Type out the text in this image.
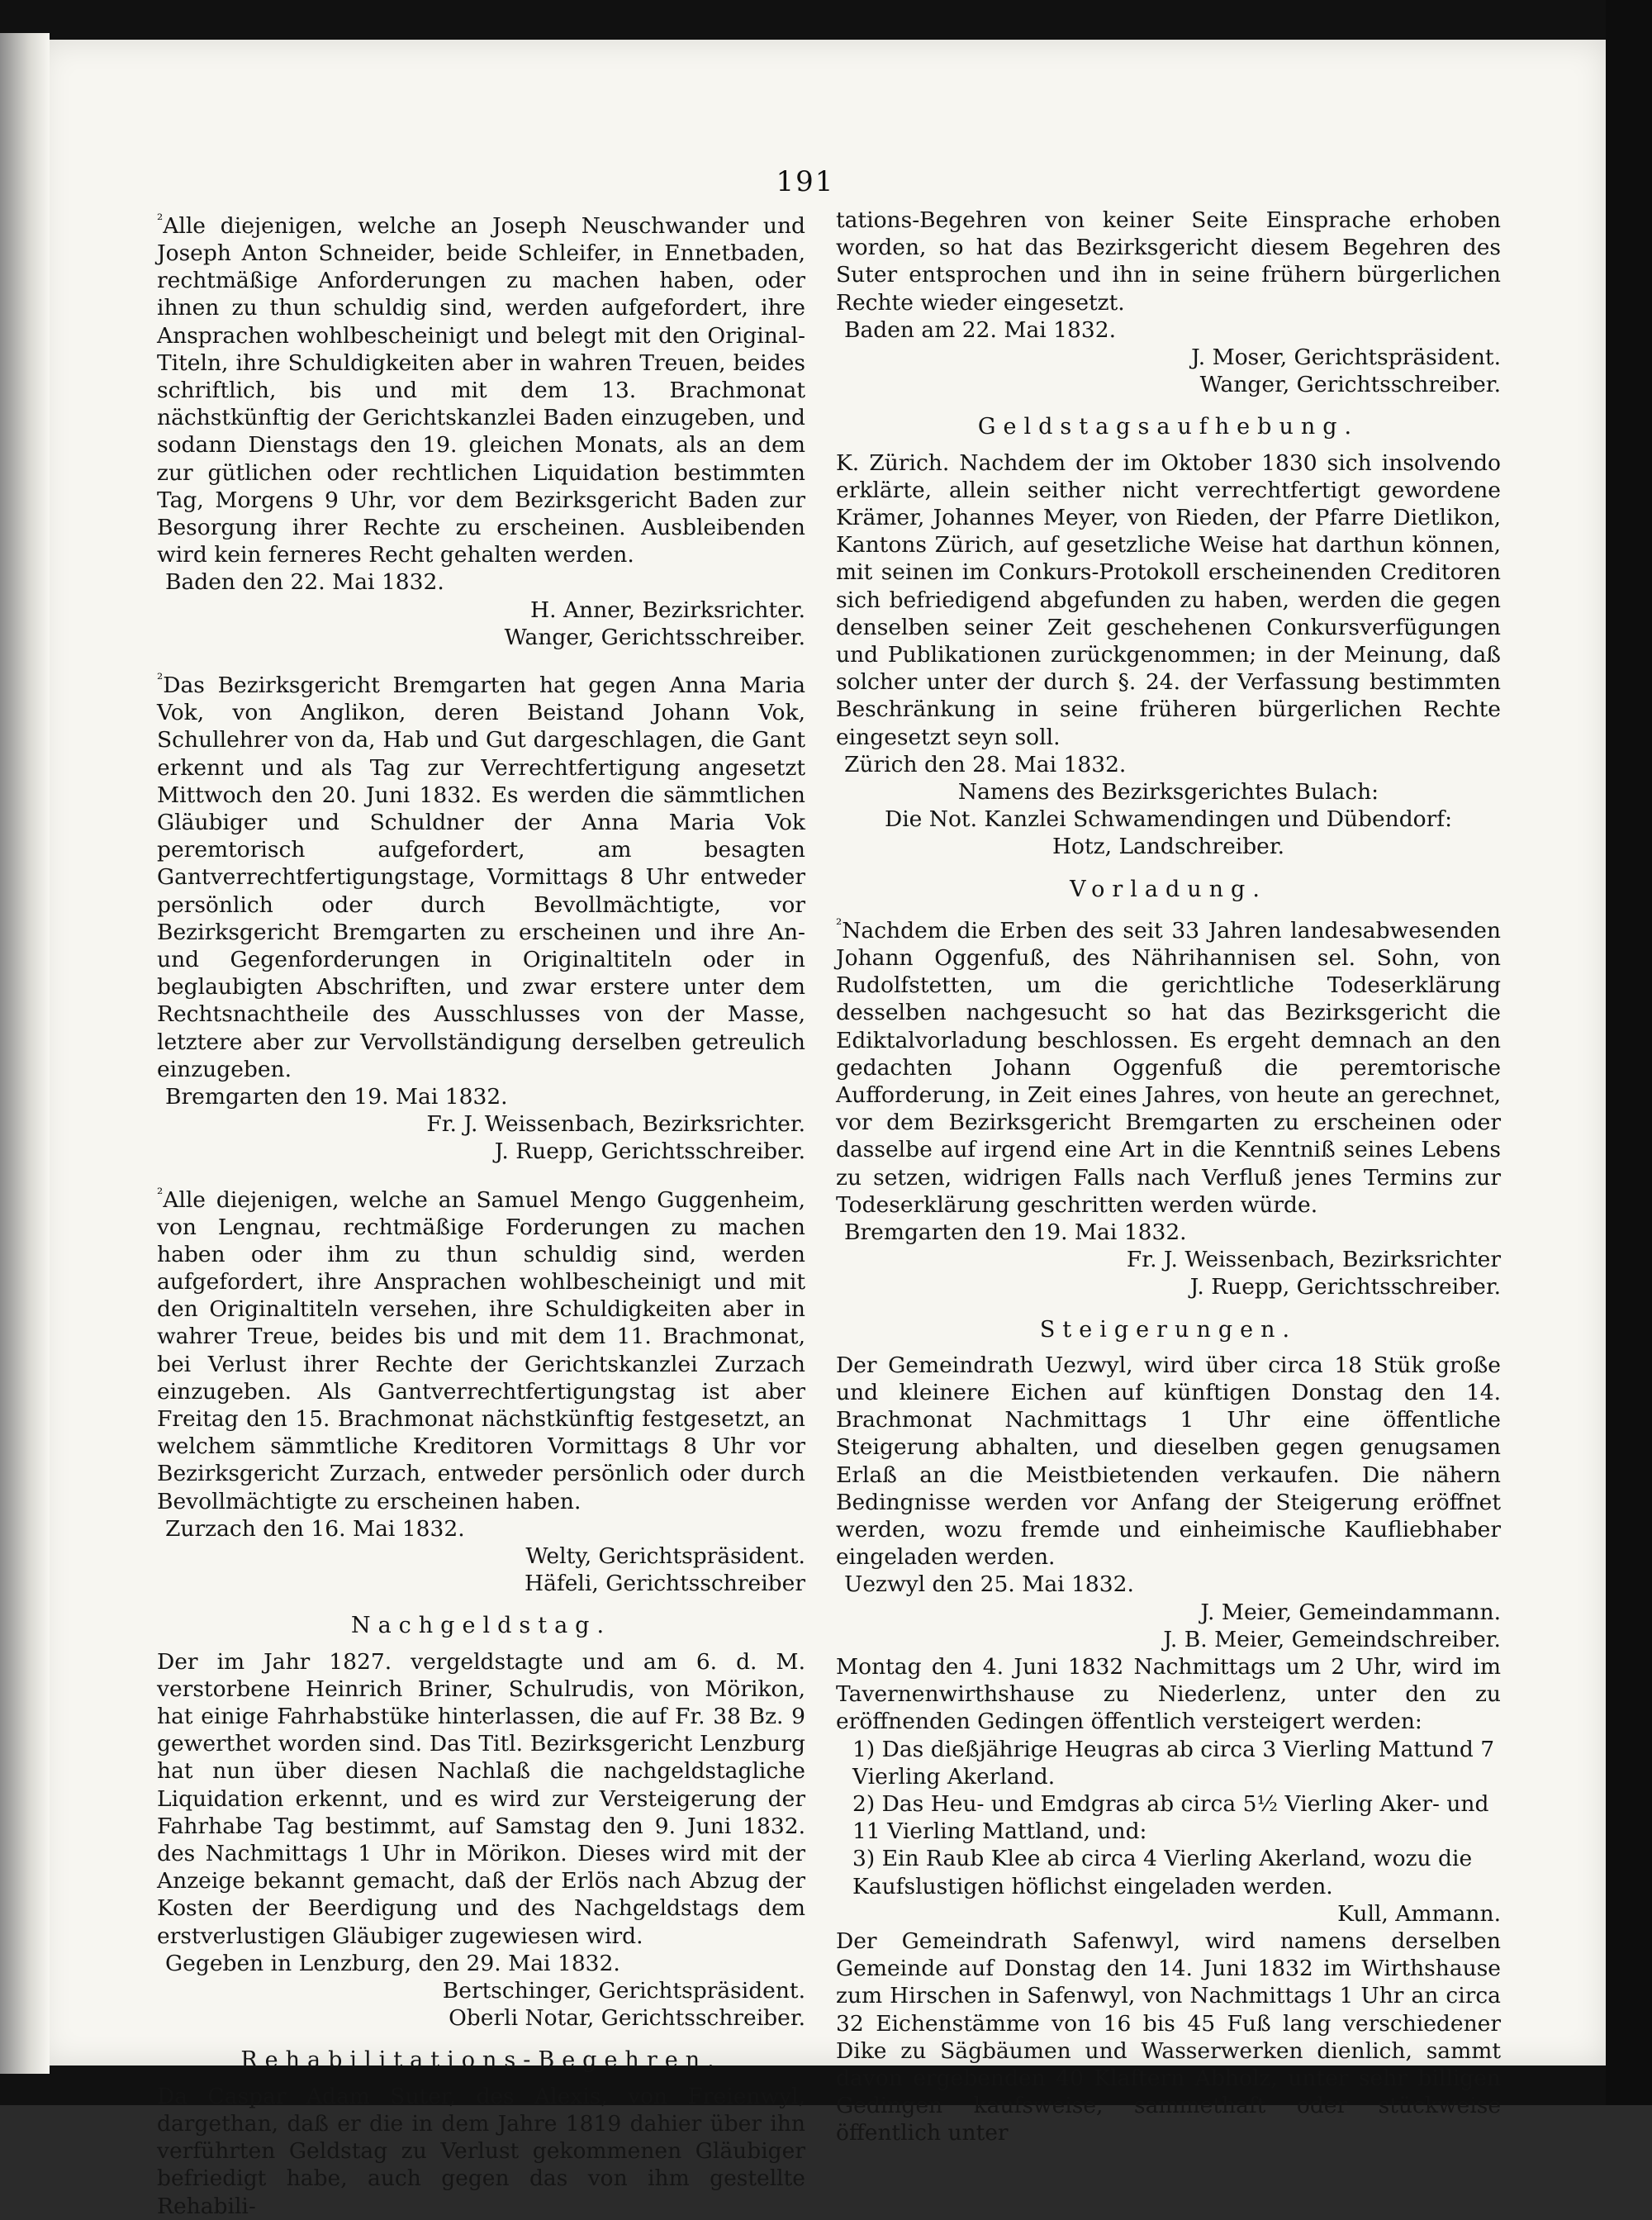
191

$^{^2}$Alle diejenigen, welche an Joseph Neuschwander und Joseph Anton Schneider, beide Schleifer, in Ennetbaden, rechtmäßige Anforderungen zu machen haben, oder ihnen zu thun schuldig sind, werden aufgefordert, ihre Ansprachen wohlbescheinigt und belegt mit den Original-Titeln, ihre Schuldigkeiten aber in wahren Treuen, beides schriftlich, bis und mit dem 13. Brachmonat nächstkünftig der Gerichtskanzlei Baden einzugeben, und sodann Dienstags den 19. gleichen Monats, als an dem zur gütlichen oder rechtlichen Liquidation bestimmten Tag, Morgens 9 Uhr, vor dem Bezirksgericht Baden zur Besorgung ihrer Rechte zu erscheinen. Ausbleibenden wird kein ferneres Recht gehalten werden.

Baden den 22. Mai 1832.

H. Anner, Bezirksrichter.

Wanger, Gerichtsschreiber.

$^{^2}$Das Bezirksgericht Bremgarten hat gegen Anna Maria Vok, von Anglikon, deren Beistand Johann Vok, Schullehrer von da, Hab und Gut dargeschlagen, die Gant erkennt und als Tag zur Verrechtfertigung angesetzt Mittwoch den 20. Juni 1832. Es werden die sämmtlichen Gläubiger und Schuldner der Anna Maria Vok peremtorisch aufgefordert, am besagten Gantverrechtfertigungstage, Vormittags 8 Uhr entweder persönlich oder durch Bevollmächtigte, vor Bezirksgericht Bremgarten zu erscheinen und ihre An- und Gegenforderungen in Originaltiteln oder in beglaubigten Abschriften, und zwar erstere unter dem Rechtsnachtheile des Ausschlusses von der Masse, letztere aber zur Vervollständigung derselben getreulich einzugeben.

Bremgarten den 19. Mai 1832.

Fr. J. Weissenbach, Bezirksrichter.

J. Ruepp, Gerichtsschreiber.

$^{^2}$Alle diejenigen, welche an Samuel Mengo Guggenheim, von Lengnau, rechtmäßige Forderungen zu machen haben oder ihm zu thun schuldig sind, werden aufgefordert, ihre Ansprachen wohlbescheinigt und mit den Originaltiteln versehen, ihre Schuldigkeiten aber in wahrer Treue, beides bis und mit dem 11. Brachmonat, bei Verlust ihrer Rechte der Gerichtskanzlei Zurzach einzugeben. Als Gantverrechtfertigungstag ist aber Freitag den 15. Brachmonat nächstkünftig festgesetzt, an welchem sämmtliche Kreditoren Vormittags 8 Uhr vor Bezirksgericht Zurzach, entweder persönlich oder durch Bevollmächtigte zu erscheinen haben.

Zurzach den 16. Mai 1832.

Welty, Gerichtspräsident.

Häfeli, Gerichtsschreiber

Nachgeldstag.

Der im Jahr 1827. vergeldstagte und am 6. d. M. verstorbene Heinrich Briner, Schulrudis, von Mörikon, hat einige Fahrhabstüke hinterlassen, die auf Fr. 38 Bz. 9 gewerthet worden sind. Das Titl. Bezirksgericht Lenzburg hat nun über diesen Nachlaß die nachgeldstagliche Liquidation erkennt, und es wird zur Versteigerung der Fahrhabe Tag bestimmt, auf Samstag den 9. Juni 1832. des Nachmittags 1 Uhr in Mörikon. Dieses wird mit der Anzeige bekannt gemacht, daß der Erlös nach Abzug der Kosten der Beerdigung und des Nachgeldstags dem erstverlustigen Gläubiger zugewiesen wird.

Gegeben in Lenzburg, den 29. Mai 1832.

Bertschinger, Gerichtspräsident.

Oberli Notar, Gerichtsschreiber.

Rehabilitations-Begehren.

Da Caspar Adam Suter, des Alexis, von Freienwyl, dargethan, daß er die in dem Jahre 1819 dahier über ihn verführten Geldstag zu Verlust gekommenen Gläubiger befriedigt habe, auch gegen das von ihm gestellte Rehabili-

tations-Begehren von keiner Seite Einsprache erhoben worden, so hat das Bezirksgericht diesem Begehren des Suter entsprochen und ihn in seine frühern bürgerlichen Rechte wieder eingesetzt.

Baden am 22. Mai 1832.

J. Moser, Gerichtspräsident.

Wanger, Gerichtsschreiber.

Geldstagsaufhebung.

K. Zürich. Nachdem der im Oktober 1830 sich insolvendo erklärte, allein seither nicht verrechtfertigt gewordene Krämer, Johannes Meyer, von Rieden, der Pfarre Dietlikon, Kantons Zürich, auf gesetzliche Weise hat darthun können, mit seinen im Conkurs-Protokoll erscheinenden Creditoren sich befriedigend abgefunden zu haben, werden die gegen denselben seiner Zeit geschehenen Conkursverfügungen und Publikationen zurückgenommen; in der Meinung, daß solcher unter der durch §. 24. der Verfassung bestimmten Beschränkung in seine früheren bürgerlichen Rechte eingesetzt seyn soll.

Zürich den 28. Mai 1832.

Namens des Bezirksgerichtes Bulach:

Die Not. Kanzlei Schwamendingen und Dübendorf:

Hotz, Landschreiber.

Vorladung.

$^{^2}$Nachdem die Erben des seit 33 Jahren landesabwesenden Johann Oggenfuß, des Nährihannisen sel. Sohn, von Rudolfstetten, um die gerichtliche Todeserklärung desselben nachgesucht so hat das Bezirksgericht die Ediktalvorladung beschlossen. Es ergeht demnach an den gedachten Johann Oggenfuß die peremtorische Aufforderung, in Zeit eines Jahres, von heute an gerechnet, vor dem Bezirksgericht Bremgarten zu erscheinen oder dasselbe auf irgend eine Art in die Kenntniß seines Lebens zu setzen, widrigen Falls nach Verfluß jenes Termins zur Todeserklärung geschritten werden würde.

Bremgarten den 19. Mai 1832.

Fr. J. Weissenbach, Bezirksrichter

J. Ruepp, Gerichtsschreiber.

Steigerungen.

Der Gemeindrath Uezwyl, wird über circa 18 Stük große und kleinere Eichen auf künftigen Donstag den 14. Brachmonat Nachmittags 1 Uhr eine öffentliche Steigerung abhalten, und dieselben gegen genugsamen Erlaß an die Meistbietenden verkaufen. Die nähern Bedingnisse werden vor Anfang der Steigerung eröffnet werden, wozu fremde und einheimische Kaufliebhaber eingeladen werden.

Uezwyl den 25. Mai 1832.

J. Meier, Gemeindammann.

J. B. Meier, Gemeindschreiber.

Montag den 4. Juni 1832 Nachmittags um 2 Uhr, wird im Tavernenwirthshause zu Niederlenz, unter den zu eröffnenden Gedingen öffentlich versteigert werden:

1) Das dießjährige Heugras ab circa 3 Vierling Mattund 7 Vierling Akerland.

2) Das Heu- und Emdgras ab circa 5½ Vierling Aker- und 11 Vierling Mattland, und:

3) Ein Raub Klee ab circa 4 Vierling Akerland, wozu die Kaufslustigen höflichst eingeladen werden.

Kull, Ammann.

Der Gemeindrath Safenwyl, wird namens derselben Gemeinde auf Donstag den 14. Juni 1832 im Wirthshause zum Hirschen in Safenwyl, von Nachmittags 1 Uhr an circa 32 Eichenstämme von 16 bis 45 Fuß lang verschiedener Dike zu Sägbäumen und Wasserwerken dienlich, sammt davon ergebenden 40 Klaftern Abholz, unter sehr billigen Gedingen kaufsweise, sammethaft oder stückweise öffentlich unter
